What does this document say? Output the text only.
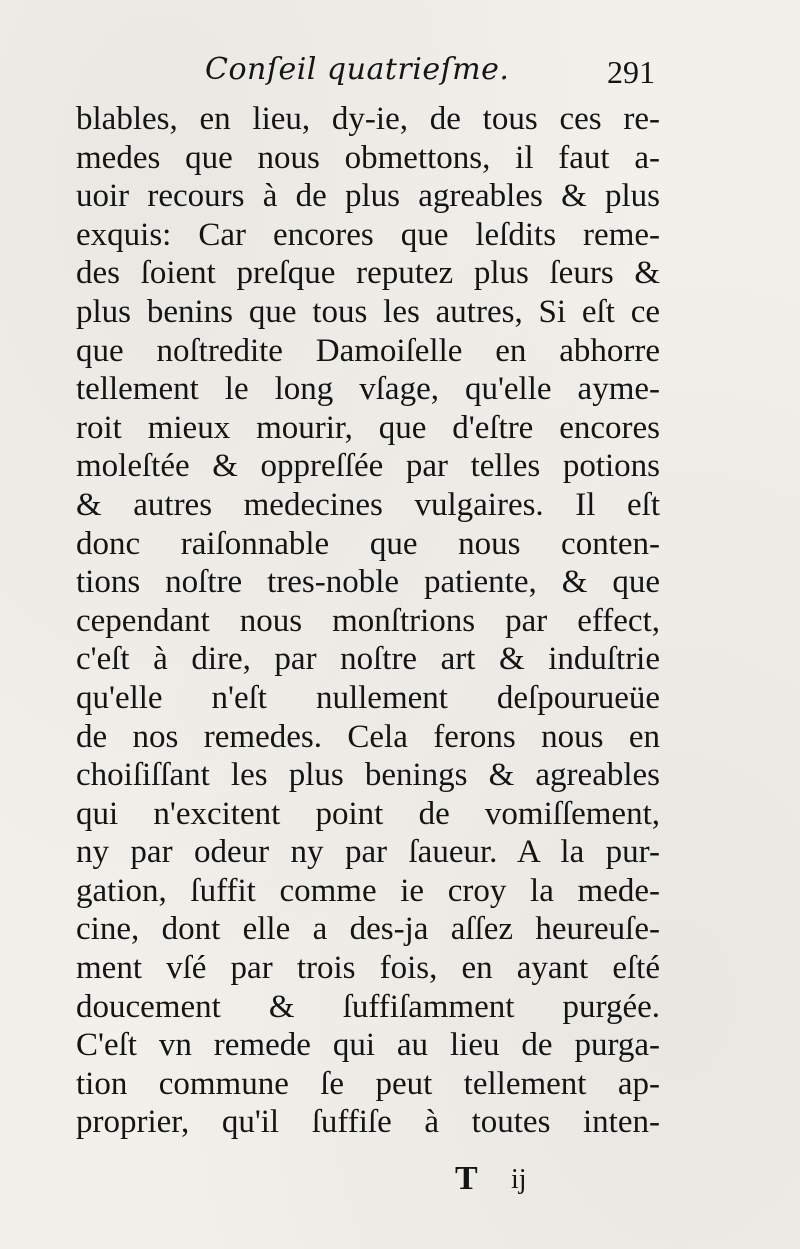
Conſeil quatrieſme.	291
blables, en lieu, dy-ie, de tous ces re-
medes que nous obmettons, il faut a-
uoir recours à de plus agreables & plus
exquis: Car encores que leſdits reme-
des ſoient preſque reputez plus ſeurs &
plus benins que tous les autres, Si eſt ce
que noſtredite Damoiſelle en abhorre
tellement le long vſage, qu'elle ayme-
roit mieux mourir, que d'eſtre encores
moleſtée & oppreſſée par telles potions
& autres medecines vulgaires. Il eſt
donc raiſonnable que nous conten-
tions noſtre tres-noble patiente, & que
cependant nous monſtrions par effect,
c'eſt à dire, par noſtre art & induſtrie
qu'elle n'eſt nullement deſpourueüe
de nos remedes. Cela ferons nous en
choiſiſſant les plus benings & agreables
qui n'excitent point de vomiſſement,
ny par odeur ny par ſaueur. A la pur-
gation, ſuffit comme ie croy la mede-
cine, dont elle a des-ja aſſez heureuſe-
ment vſé par trois fois, en ayant eſté
doucement & ſuffiſamment purgée.
C'eſt vn remede qui au lieu de purga-
tion commune ſe peut tellement ap-
proprier, qu'il ſuffiſe à toutes inten-
T ij
